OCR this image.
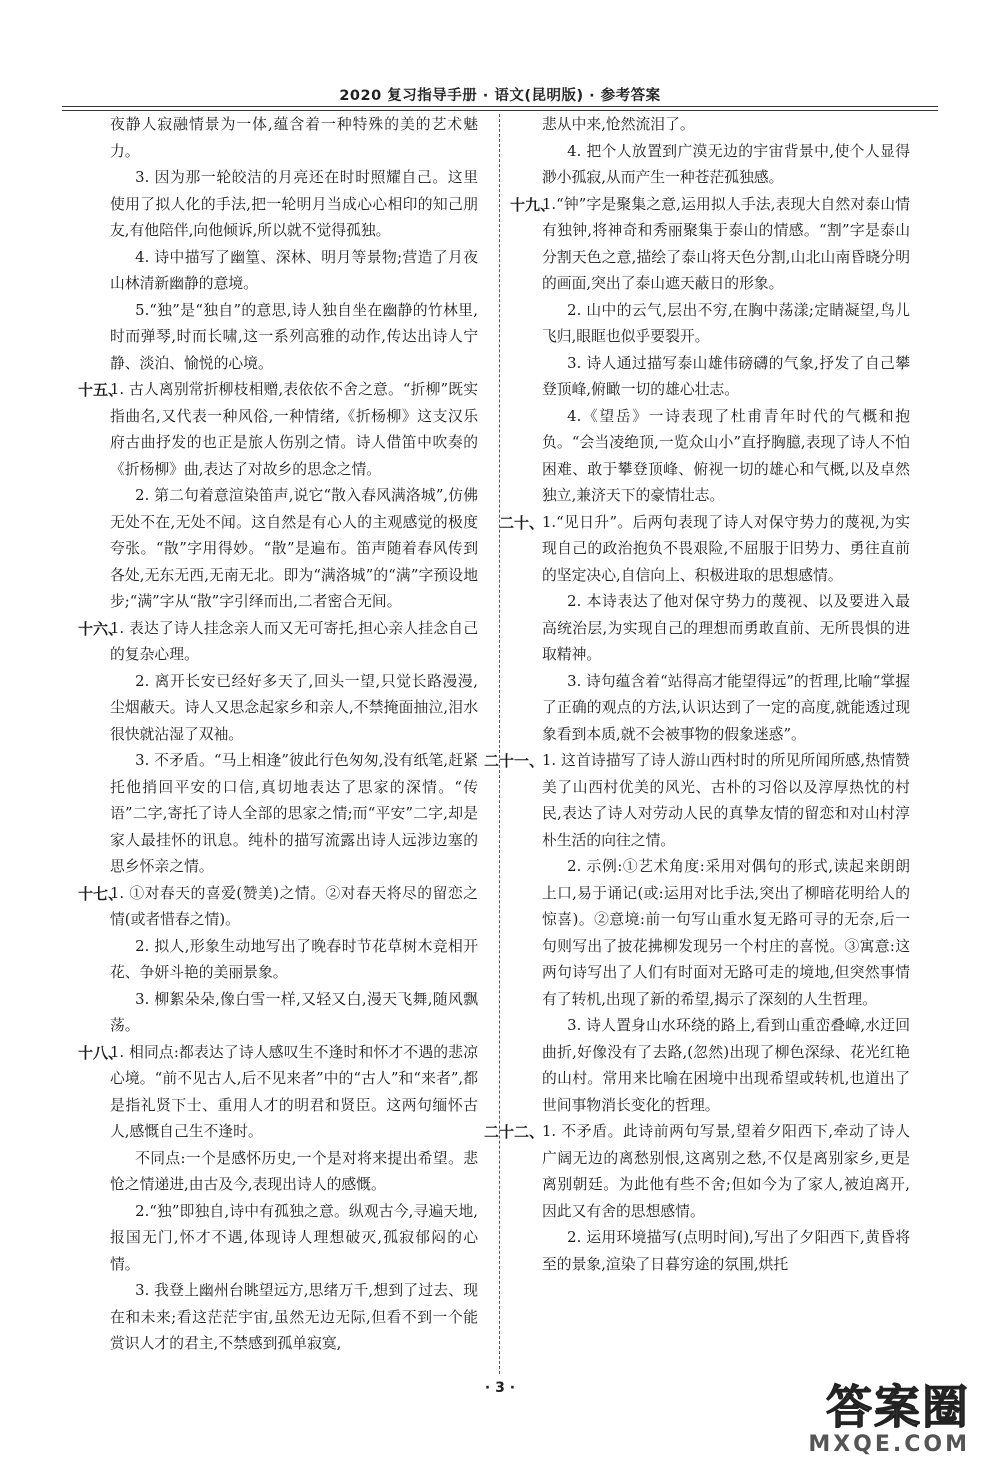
2020 复习指导手册 · 语文(昆明版) · 参考答案

夜静人寂融情景为一体,蕴含着一种特殊的美的艺术魅力。

3. 因为那一轮皎洁的月亮还在时时照耀自己。这里使用了拟人化的手法,把一轮明月当成心心相印的知己朋友,有他陪伴,向他倾诉,所以就不觉得孤独。

4. 诗中描写了幽篁、深林、明月等景物;营造了月夜山林清新幽静的意境。

5.“独”是“独自”的意思,诗人独自坐在幽静的竹林里,时而弹琴,时而长啸,这一系列高雅的动作,传达出诗人宁静、淡泊、愉悦的心境。

十五、

1. 古人离别常折柳枝相赠,表依依不舍之意。“折柳”既实指曲名,又代表一种风俗,一种情绪,《折杨柳》这支汉乐府古曲抒发的也正是旅人伤别之情。诗人借笛中吹奏的《折杨柳》曲,表达了对故乡的思念之情。

2. 第二句着意渲染笛声,说它“散入春风满洛城”,仿佛无处不在,无处不闻。这自然是有心人的主观感觉的极度夸张。“散”字用得妙。“散”是遍布。笛声随着春风传到各处,无东无西,无南无北。即为“满洛城”的“满”字预设地步;“满”字从“散”字引绎而出,二者密合无间。

十六、

1. 表达了诗人挂念亲人而又无可寄托,担心亲人挂念自己的复杂心理。

2. 离开长安已经好多天了,回头一望,只觉长路漫漫,尘烟蔽天。诗人又思念起家乡和亲人,不禁掩面抽泣,泪水很快就沾湿了双袖。

3. 不矛盾。“马上相逢”彼此行色匆匆,没有纸笔,赶紧托他捎回平安的口信,真切地表达了思家的深情。“传语”二字,寄托了诗人全部的思家之情;而“平安”二字,却是家人最挂怀的讯息。纯朴的描写流露出诗人远涉边塞的思乡怀亲之情。

十七、

1. ①对春天的喜爱(赞美)之情。②对春天将尽的留恋之情(或者惜春之情)。

2. 拟人,形象生动地写出了晚春时节花草树木竞相开花、争妍斗艳的美丽景象。

3. 柳絮朵朵,像白雪一样,又轻又白,漫天飞舞,随风飘荡。

十八、

1. 相同点:都表达了诗人感叹生不逢时和怀才不遇的悲凉心境。“前不见古人,后不见来者”中的“古人”和“来者”,都是指礼贤下士、重用人才的明君和贤臣。这两句缅怀古人,感慨自己生不逢时。

不同点:一个是感怀历史,一个是对将来提出希望。悲怆之情递进,由古及今,表现出诗人的感慨。

2.“独”即独自,诗中有孤独之意。纵观古今,寻遍天地,报国无门,怀才不遇,体现诗人理想破灭,孤寂郁闷的心情。

3. 我登上幽州台眺望远方,思绪万千,想到了过去、现在和未来;看这茫茫宇宙,虽然无边无际,但看不到一个能赏识人才的君主,不禁感到孤单寂寞,

悲从中来,怆然流泪了。

4. 把个人放置到广漠无边的宇宙背景中,使个人显得渺小孤寂,从而产生一种苍茫孤独感。

十九、

1.“钟”字是聚集之意,运用拟人手法,表现大自然对泰山情有独钟,将神奇和秀丽聚集于泰山的情感。“割”字是泰山分割天色之意,描绘了泰山将天色分割,山北山南昏晓分明的画面,突出了泰山遮天蔽日的形象。

2. 山中的云气,层出不穷,在胸中荡漾;定睛凝望,鸟儿飞归,眼眶也似乎要裂开。

3. 诗人通过描写泰山雄伟磅礴的气象,抒发了自己攀登顶峰,俯瞰一切的雄心壮志。

4.《望岳》一诗表现了杜甫青年时代的气概和抱负。“会当凌绝顶,一览众山小”直抒胸臆,表现了诗人不怕困难、敢于攀登顶峰、俯视一切的雄心和气概,以及卓然独立,兼济天下的豪情壮志。

二十、

1.“见日升”。后两句表现了诗人对保守势力的蔑视,为实现自己的政治抱负不畏艰险,不屈服于旧势力、勇往直前的坚定决心,自信向上、积极进取的思想感情。

2. 本诗表达了他对保守势力的蔑视、以及要进入最高统治层,为实现自己的理想而勇敢直前、无所畏惧的进取精神。

3. 诗句蕴含着“站得高才能望得远”的哲理,比喻“掌握了正确的观点的方法,认识达到了一定的高度,就能透过现象看到本质,就不会被事物的假象迷惑”。

二十一、

1. 这首诗描写了诗人游山西村时的所见所闻所感,热情赞美了山西村优美的风光、古朴的习俗以及淳厚热忱的村民,表达了诗人对劳动人民的真挚友情的留恋和对山村淳朴生活的向往之情。

2. 示例:①艺术角度:采用对偶句的形式,读起来朗朗上口,易于诵记(或:运用对比手法,突出了柳暗花明给人的惊喜)。②意境:前一句写山重水复无路可寻的无奈,后一句则写出了披花拂柳发现另一个村庄的喜悦。③寓意:这两句诗写出了人们有时面对无路可走的境地,但突然事情有了转机,出现了新的希望,揭示了深刻的人生哲理。

3. 诗人置身山水环绕的路上,看到山重峦叠嶂,水迂回曲折,好像没有了去路,(忽然)出现了柳色深绿、花光红艳的山村。常用来比喻在困境中出现希望或转机,也道出了世间事物消长变化的哲理。

二十二、

1. 不矛盾。此诗前两句写景,望着夕阳西下,牵动了诗人广阔无边的离愁别恨,这离别之愁,不仅是离别家乡,更是离别朝廷。为此他有些不舍;但如今为了家人,被迫离开,因此又有舍的思想感情。

2. 运用环境描写(点明时间),写出了夕阳西下,黄昏将至的景象,渲染了日暮穷途的氛围,烘托

· 3 ·	答案圈
MXQE.COM
